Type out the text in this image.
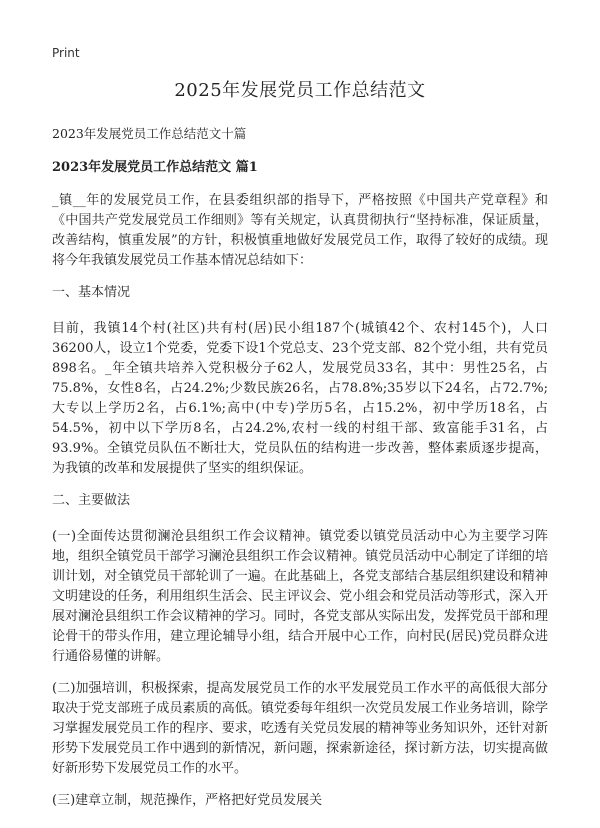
Print
2025年发展党员工作总结范文
2023年发展党员工作总结范文十篇
2023年发展党员工作总结范文 篇1

_镇__年的发展党员工作，在县委组织部的指导下，严格按照《中国共产党章程》和《中国共产党发展党员工作细则》等有关规定，认真贯彻执行“坚持标准，保证质量，改善结构，慎重发展”的方针，积极慎重地做好发展党员工作，取得了较好的成绩。现将今年我镇发展党员工作基本情况总结如下：

一、基本情况

目前，我镇14个村(社区)共有村(居)民小组187个(城镇42个、农村145个)，人口36200人，设立1个党委，党委下设1个党总支、23个党支部、82个党小组，共有党员898名。_年全镇共培养入党积极分子62人，发展党员33名，其中：男性25名，占75.8%，女性8名，占24.2%;少数民族26名，占78.8%;35岁以下24名，占72.7%;大专以上学历2名，占6.1%;高中(中专)学历5名，占15.2%，初中学历18名，占54.5%，初中以下学历8名，占24.2%,农村一线的村组干部、致富能手31名，占93.9%。全镇党员队伍不断壮大，党员队伍的结构进一步改善，整体素质逐步提高，为我镇的改革和发展提供了坚实的组织保证。

二、主要做法

(一)全面传达贯彻澜沧县组织工作会议精神。镇党委以镇党员活动中心为主要学习阵地，组织全镇党员干部学习澜沧县组织工作会议精神。镇党员活动中心制定了详细的培训计划，对全镇党员干部轮训了一遍。在此基础上，各党支部结合基层组织建设和精神文明建设的任务，利用组织生活会、民主评议会、党小组会和党员活动等形式，深入开展对澜沧县组织工作会议精神的学习。同时，各党支部从实际出发，发挥党员干部和理论骨干的带头作用，建立理论辅导小组，结合开展中心工作，向村民(居民)党员群众进行通俗易懂的讲解。

(二)加强培训，积极探索，提高发展党员工作的水平发展党员工作水平的高低很大部分取决于党支部班子成员素质的高低。镇党委每年组织一次党员发展工作业务培训，除学习掌握发展党员工作的程序、要求，吃透有关党员发展的精神等业务知识外，还针对新形势下发展党员工作中遇到的新情况，新问题，探索新途径，探讨新方法，切实提高做好新形势下发展党员工作的水平。

(三)建章立制，规范操作，严格把好党员发展关
